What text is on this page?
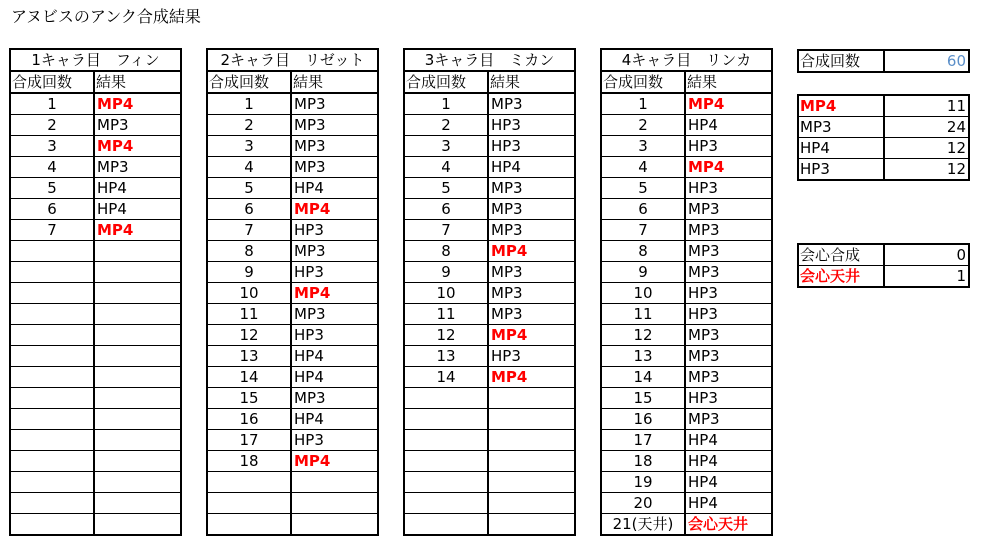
アヌビスのアンク合成結果
1キャラ目　フィン	
合成回数	結果
1	MP4
2	MP3
3	MP4
4	MP3
5	HP4
6	HP4
7	MP4

2キャラ目　リゼット	
合成回数	結果
1	MP3
2	MP3
3	MP3
4	MP3
5	HP4
6	MP4
7	HP3
8	MP3
9	HP3
10	MP4
11	MP3
12	HP3
13	HP4
14	HP4
15	MP3
16	HP4
17	HP3
18	MP4

3キャラ目　ミカン	
合成回数	結果
1	MP3
2	HP3
3	HP3
4	HP4
5	MP3
6	MP3
7	MP3
8	MP4
9	MP3
10	MP3
11	MP3
12	MP4
13	HP3
14	MP4

4キャラ目　リンカ	
合成回数	結果
1	MP4
2	HP4
3	HP3
4	MP4
5	HP3
6	MP3
7	MP3
8	MP3
9	MP3
10	HP3
11	HP3
12	MP3
13	MP3
14	MP3
15	HP3
16	MP3
17	HP4
18	HP4
19	HP4
20	HP4
21(天井)	会心天井
合成回数	60
MP4	11
MP3	24
HP4	12
HP3	12
会心合成	0
会心天井	1
